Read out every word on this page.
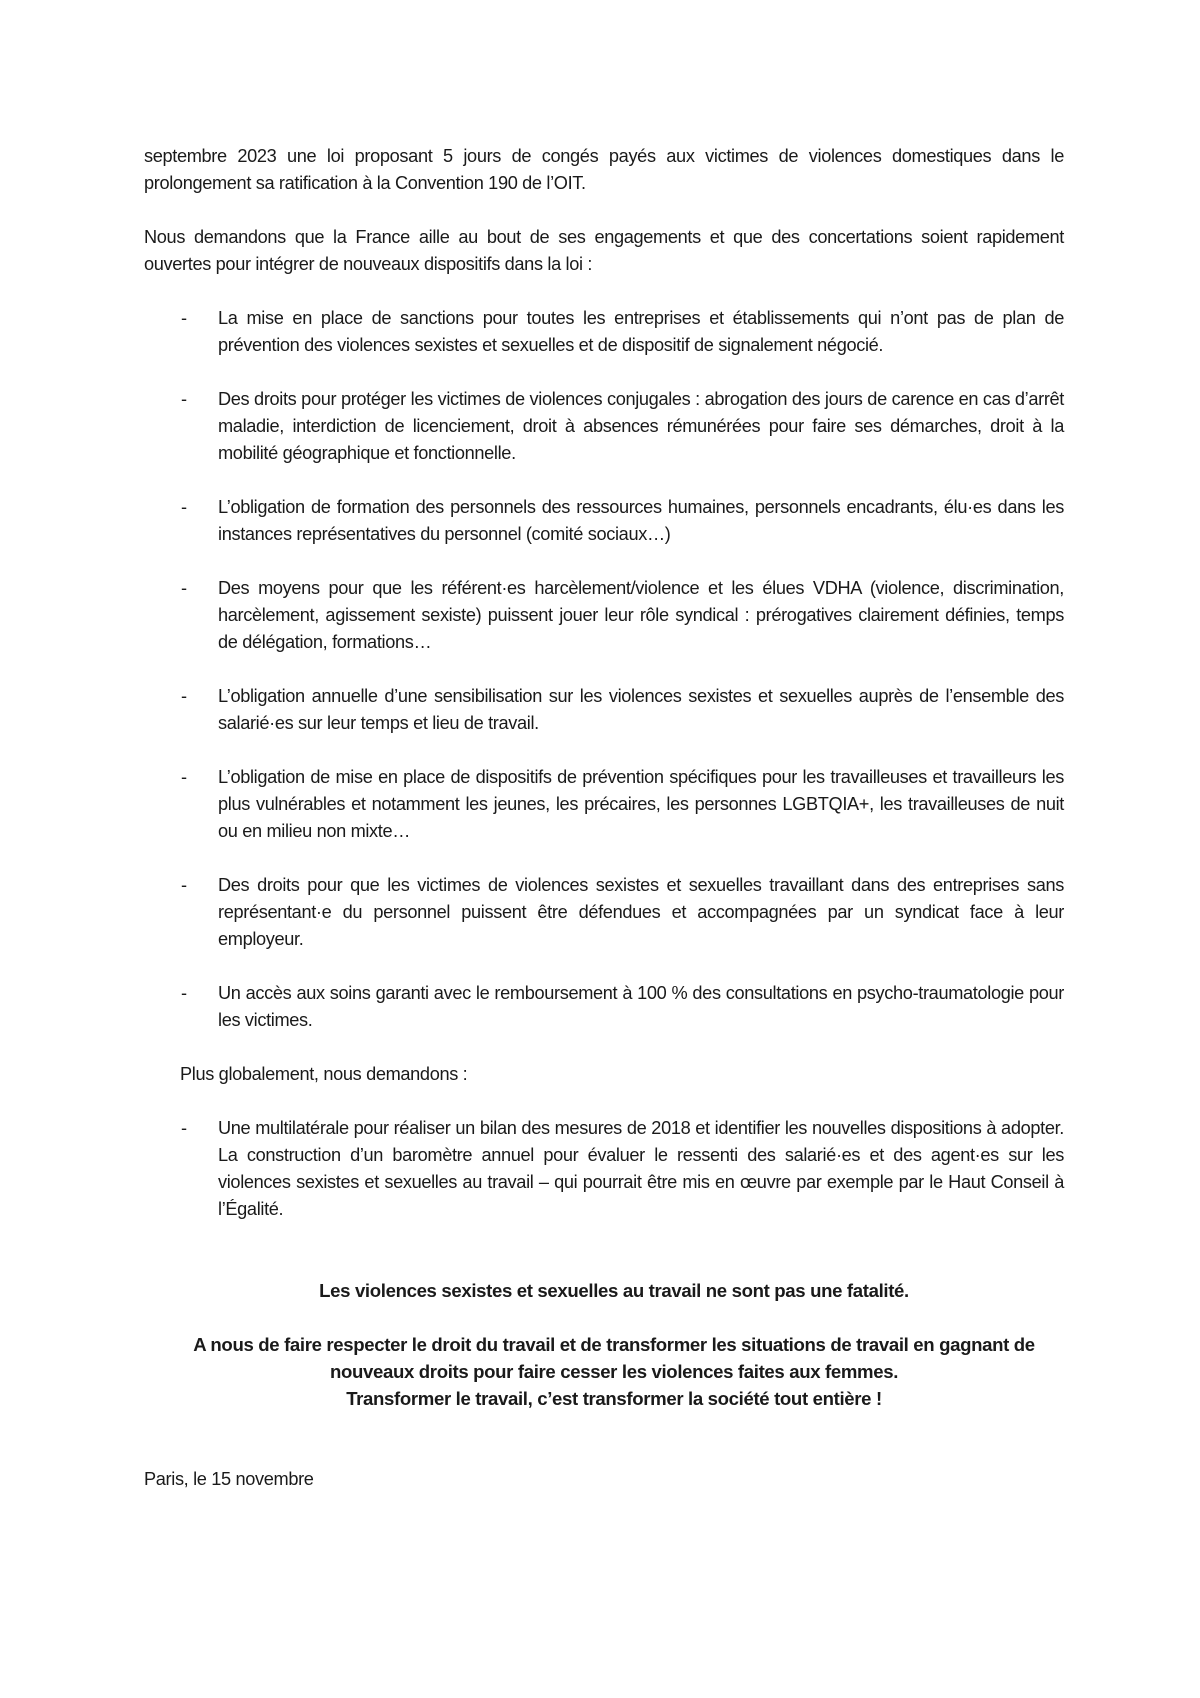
septembre 2023 une loi proposant 5 jours de congés payés aux victimes de violences domestiques dans le prolongement sa ratification à la Convention 190 de l’OIT.

Nous demandons que la France aille au bout de ses engagements et que des concertations soient rapidement ouvertes pour intégrer de nouveaux dispositifs dans la loi :

- La mise en place de sanctions pour toutes les entreprises et établissements qui n’ont pas de plan de prévention des violences sexistes et sexuelles et de dispositif de signalement négocié.
- Des droits pour protéger les victimes de violences conjugales : abrogation des jours de carence en cas d’arrêt maladie, interdiction de licenciement, droit à absences rémunérées pour faire ses démarches, droit à la mobilité géographique et fonctionnelle.
- L’obligation de formation des personnels des ressources humaines, personnels encadrants, élu·es dans les instances représentatives du personnel (comité sociaux…)
- Des moyens pour que les référent·es harcèlement/violence et les élues VDHA (violence, discrimination, harcèlement, agissement sexiste) puissent jouer leur rôle syndical : prérogatives clairement définies, temps de délégation, formations…
- L’obligation annuelle d’une sensibilisation sur les violences sexistes et sexuelles auprès de l’ensemble des salarié·es sur leur temps et lieu de travail.
- L’obligation de mise en place de dispositifs de prévention spécifiques pour les travailleuses et travailleurs les plus vulnérables et notamment les jeunes, les précaires, les personnes LGBTQIA+, les travailleuses de nuit ou en milieu non mixte…
- Des droits pour que les victimes de violences sexistes et sexuelles travaillant dans des entreprises sans représentant·e du personnel puissent être défendues et accompagnées par un syndicat face à leur employeur.
- Un accès aux soins garanti avec le remboursement à 100 % des consultations en psycho-traumatologie pour les victimes.

Plus globalement, nous demandons :

- Une multilatérale pour réaliser un bilan des mesures de 2018 et identifier les nouvelles dispositions à adopter. La construction d’un baromètre annuel pour évaluer le ressenti des salarié·es et des agent·es sur les violences sexistes et sexuelles au travail – qui pourrait être mis en œuvre par exemple par le Haut Conseil à l’Égalité.

Les violences sexistes et sexuelles au travail ne sont pas une fatalité.

A nous de faire respecter le droit du travail et de transformer les situations de travail en gagnant de nouveaux droits pour faire cesser les violences faites aux femmes.

Transformer le travail, c’est transformer la société tout entière !

Paris, le 15 novembre
